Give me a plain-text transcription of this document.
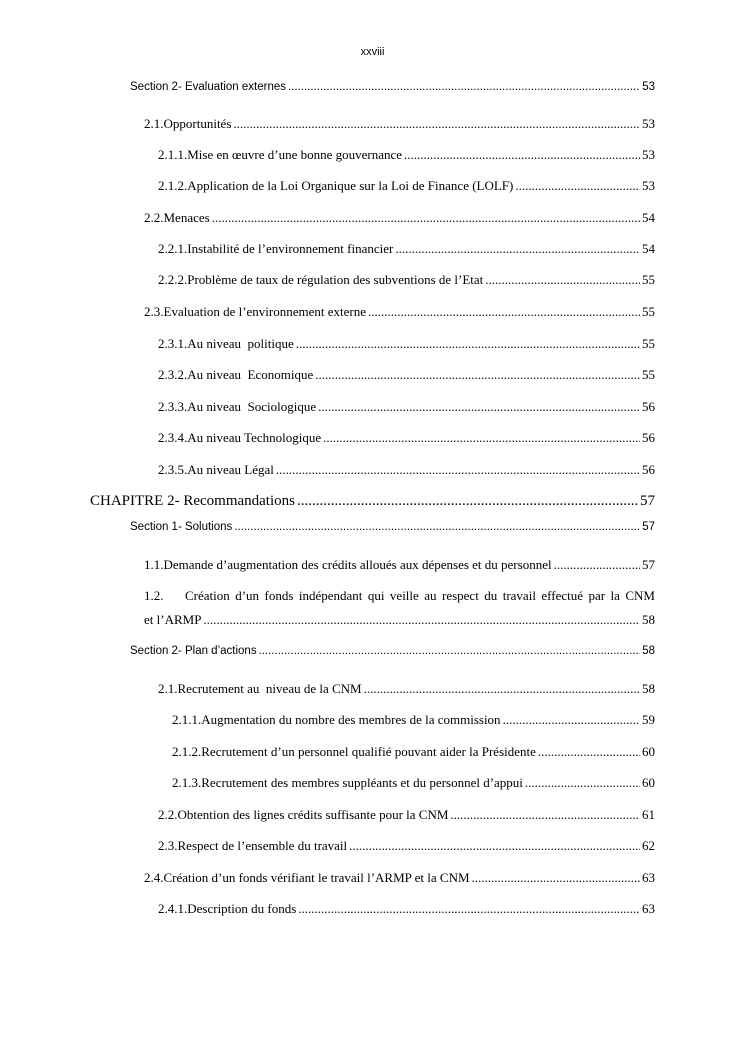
xxviii
Section 2- Evaluation externes .....	53
2.1. Opportunités .....	53
2.1.1. Mise en œuvre d’une bonne gouvernance .....	53
2.1.2. Application de la Loi Organique sur la Loi de Finance (LOLF) .....	53
2.2. Menaces .....	54
2.2.1. Instabilité de l’environnement financier .....	54
2.2.2. Problème de taux de régulation des subventions de l’Etat .....	55
2.3. Evaluation de l’environnement externe .....	55
2.3.1. Au niveau  politique .....	55
2.3.2. Au niveau  Economique .....	55
2.3.3. Au niveau  Sociologique .....	56
2.3.4. Au niveau Technologique .....	56
2.3.5. Au niveau Légal .....	56
CHAPITRE 2- Recommandations .....	57
Section 1- Solutions .....	57
1.1. Demande d’augmentation des crédits alloués aux dépenses et du personnel .....	57
1.2.	Création d’un fonds indépendant qui veille au respect du travail effectué par la CNM
et l’ARMP .....	58
Section 2- Plan d’actions .....	58
2.1. Recrutement au  niveau de la CNM .....	58
2.1.1. Augmentation du nombre des membres de la commission .....	59
2.1.2. Recrutement d’un personnel qualifié pouvant aider la Présidente .....	60
2.1.3. Recrutement des membres suppléants et du personnel d’appui .....	60
2.2. Obtention des lignes crédits suffisante pour la CNM .....	61
2.3. Respect de l’ensemble du travail .....	62
2.4. Création d’un fonds vérifiant le travail l’ARMP et la CNM .....	63
2.4.1. Description du fonds .....	63
